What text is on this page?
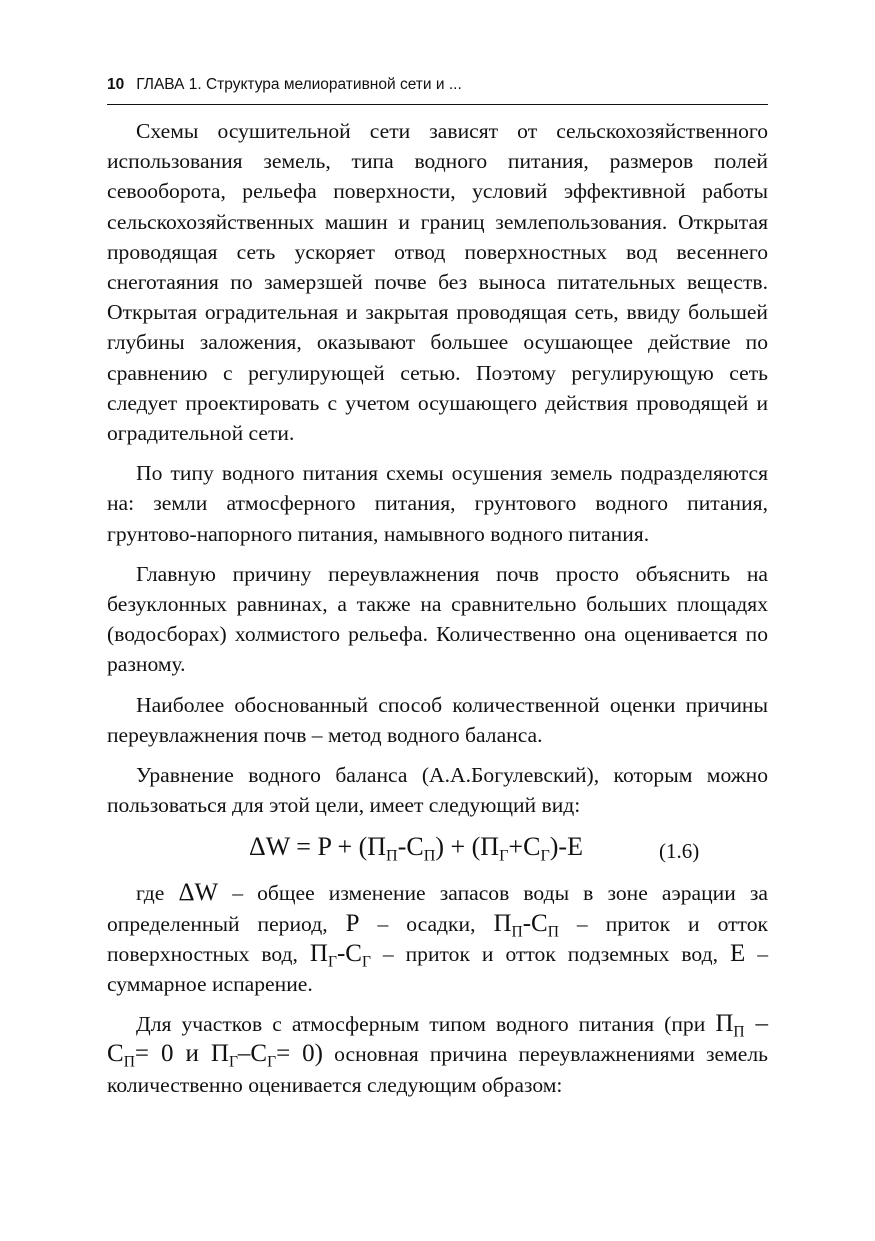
10 ГЛАВА 1. Структура мелиоративной сети и ...

Схемы осушительной сети зависят от сельскохозяйственного использования земель, типа водного питания, размеров полей севооборота, рельефа поверхности, условий эффективной работы сельскохозяйственных машин и границ землепользования. Открытая проводящая сеть ускоряет отвод поверхностных вод весеннего снеготаяния по замерзшей почве без выноса питательных веществ. Открытая оградительная и закрытая проводящая сеть, ввиду большей глубины заложения, оказывают большее осушающее действие по сравнению с регулирующей сетью. Поэтому регулирующую сеть следует проектировать с учетом осушающего действия проводящей и оградительной сети.

По типу водного питания схемы осушения земель подразделяются на: земли атмосферного питания, грунтового водного питания, грунтово-напорного питания, намывного водного питания.

Главную причину переувлажнения почв просто объяснить на безуклонных равнинах, а также на сравнительно больших площадях (водосборах) холмистого рельефа. Количественно она оценивается по разному.

Наиболее обоснованный способ количественной оценки причины переувлажнения почв – метод водного баланса.

Уравнение водного баланса (А.А.Богулевский), которым можно пользоваться для этой цели, имеет следующий вид:

$\Delta W = P + (П_П-С_П) + (П_Г+С_Г)-E$	(1.6)

где ΔW – общее изменение запасов воды в зоне аэрации за определенный период, P – осадки, $П_П-С_П$ – приток и отток поверхностных вод, $П_Г-С_Г$ – приток и отток подземных вод, E – суммарное испарение.

Для участков с атмосферным типом водного питания (при $П_П - С_П= 0$ и $П_Г-С_Г= 0$) основная причина переувлажнениями земель количественно оценивается следующим образом:
